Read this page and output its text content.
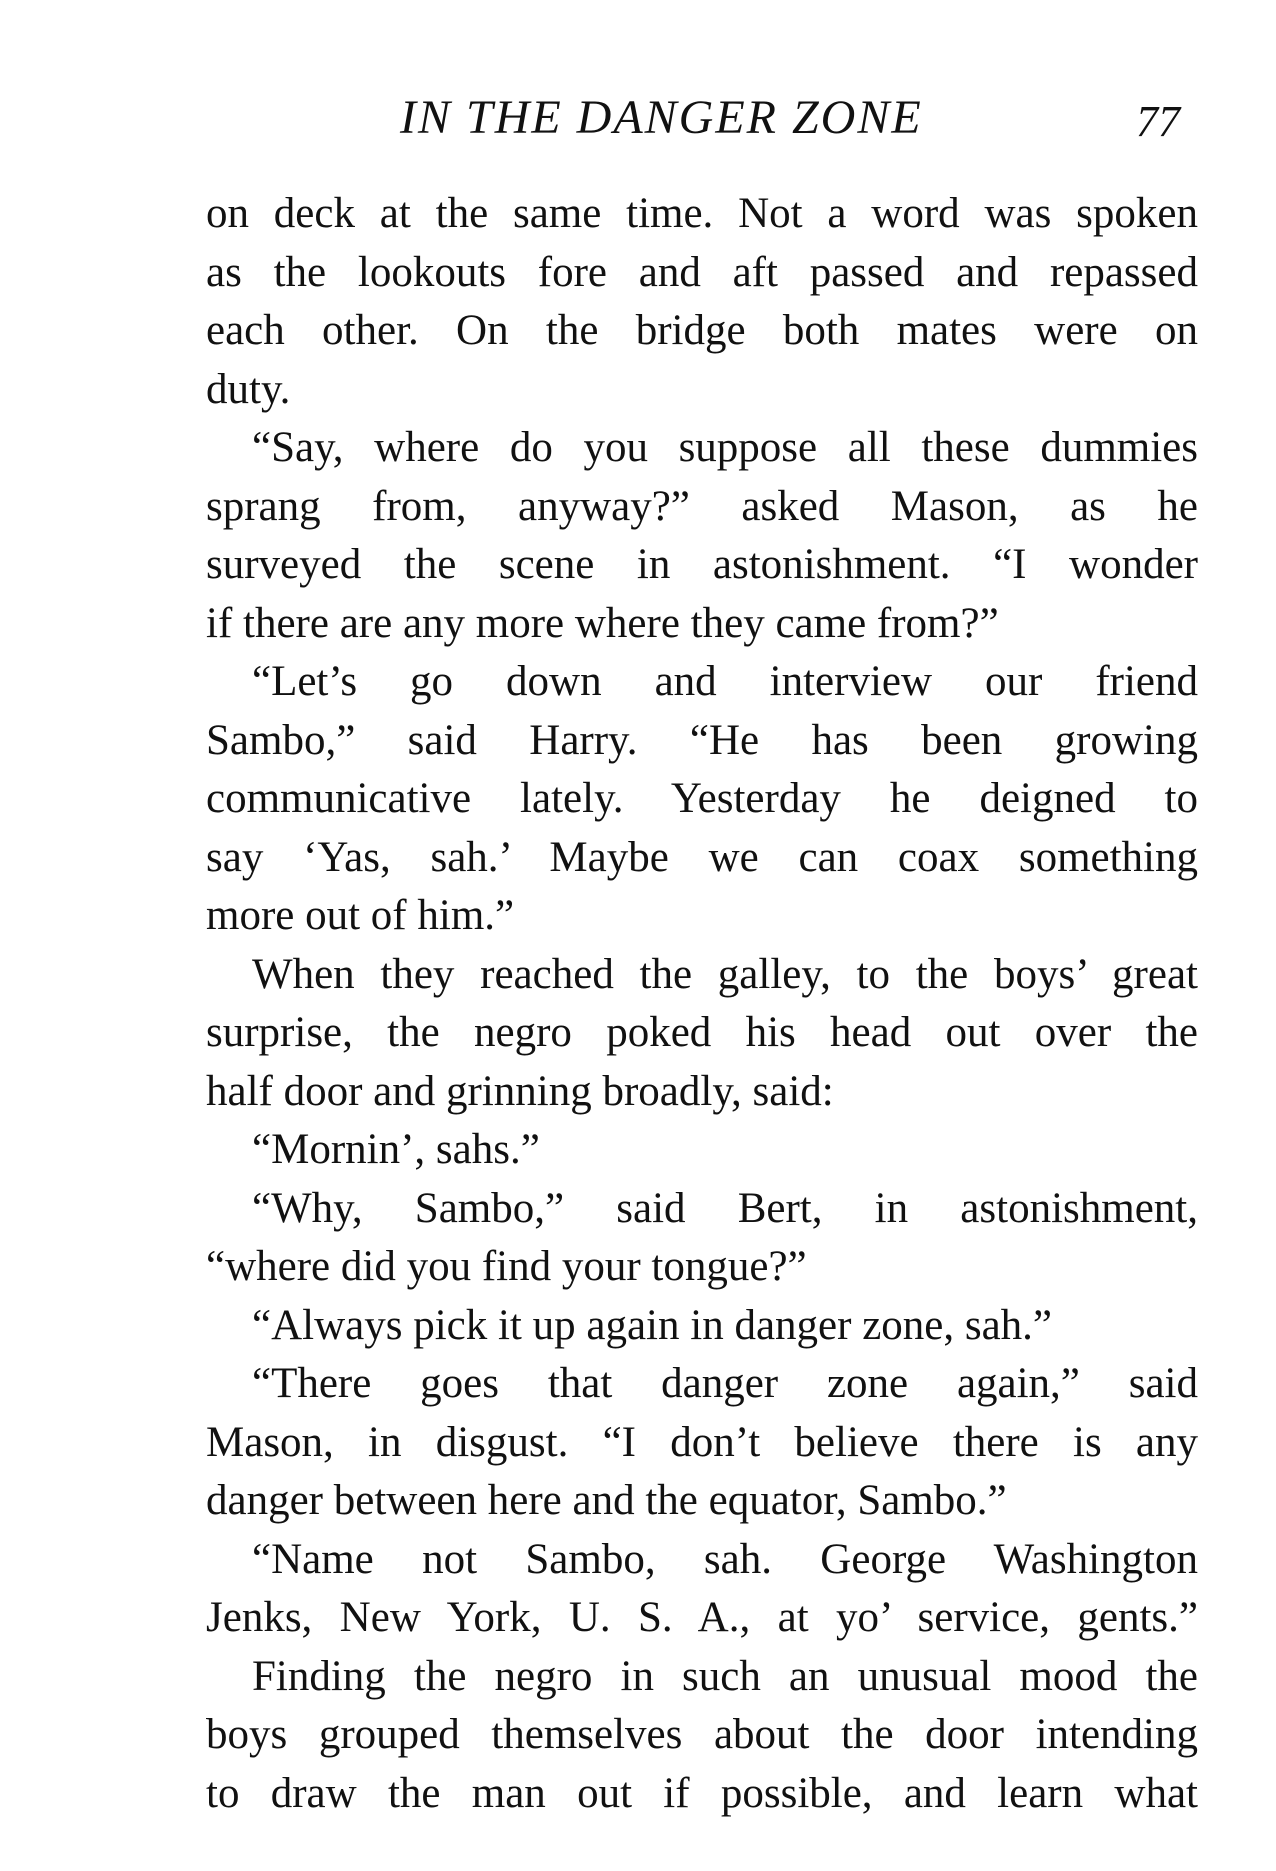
IN THE DANGER ZONE	77
on deck at the same time. Not a word was spoken
as the lookouts fore and aft passed and repassed
each other. On the bridge both mates were on
duty.
“Say, where do you suppose all these dummies
sprang from, anyway?” asked Mason, as he
surveyed the scene in astonishment. “I wonder
if there are any more where they came from?”
“Let’s go down and interview our friend
Sambo,” said Harry. “He has been growing
communicative lately. Yesterday he deigned to
say ‘Yas, sah.’ Maybe we can coax something
more out of him.”
When they reached the galley, to the boys’ great
surprise, the negro poked his head out over the
half door and grinning broadly, said:
“Mornin’, sahs.”
“Why, Sambo,” said Bert, in astonishment,
“where did you find your tongue?”
“Always pick it up again in danger zone, sah.”
“There goes that danger zone again,” said
Mason, in disgust. “I don’t believe there is any
danger between here and the equator, Sambo.”
“Name not Sambo, sah. George Washington
Jenks, New York, U. S. A., at yo’ service, gents.”
Finding the negro in such an unusual mood the
boys grouped themselves about the door intending
to draw the man out if possible, and learn what
